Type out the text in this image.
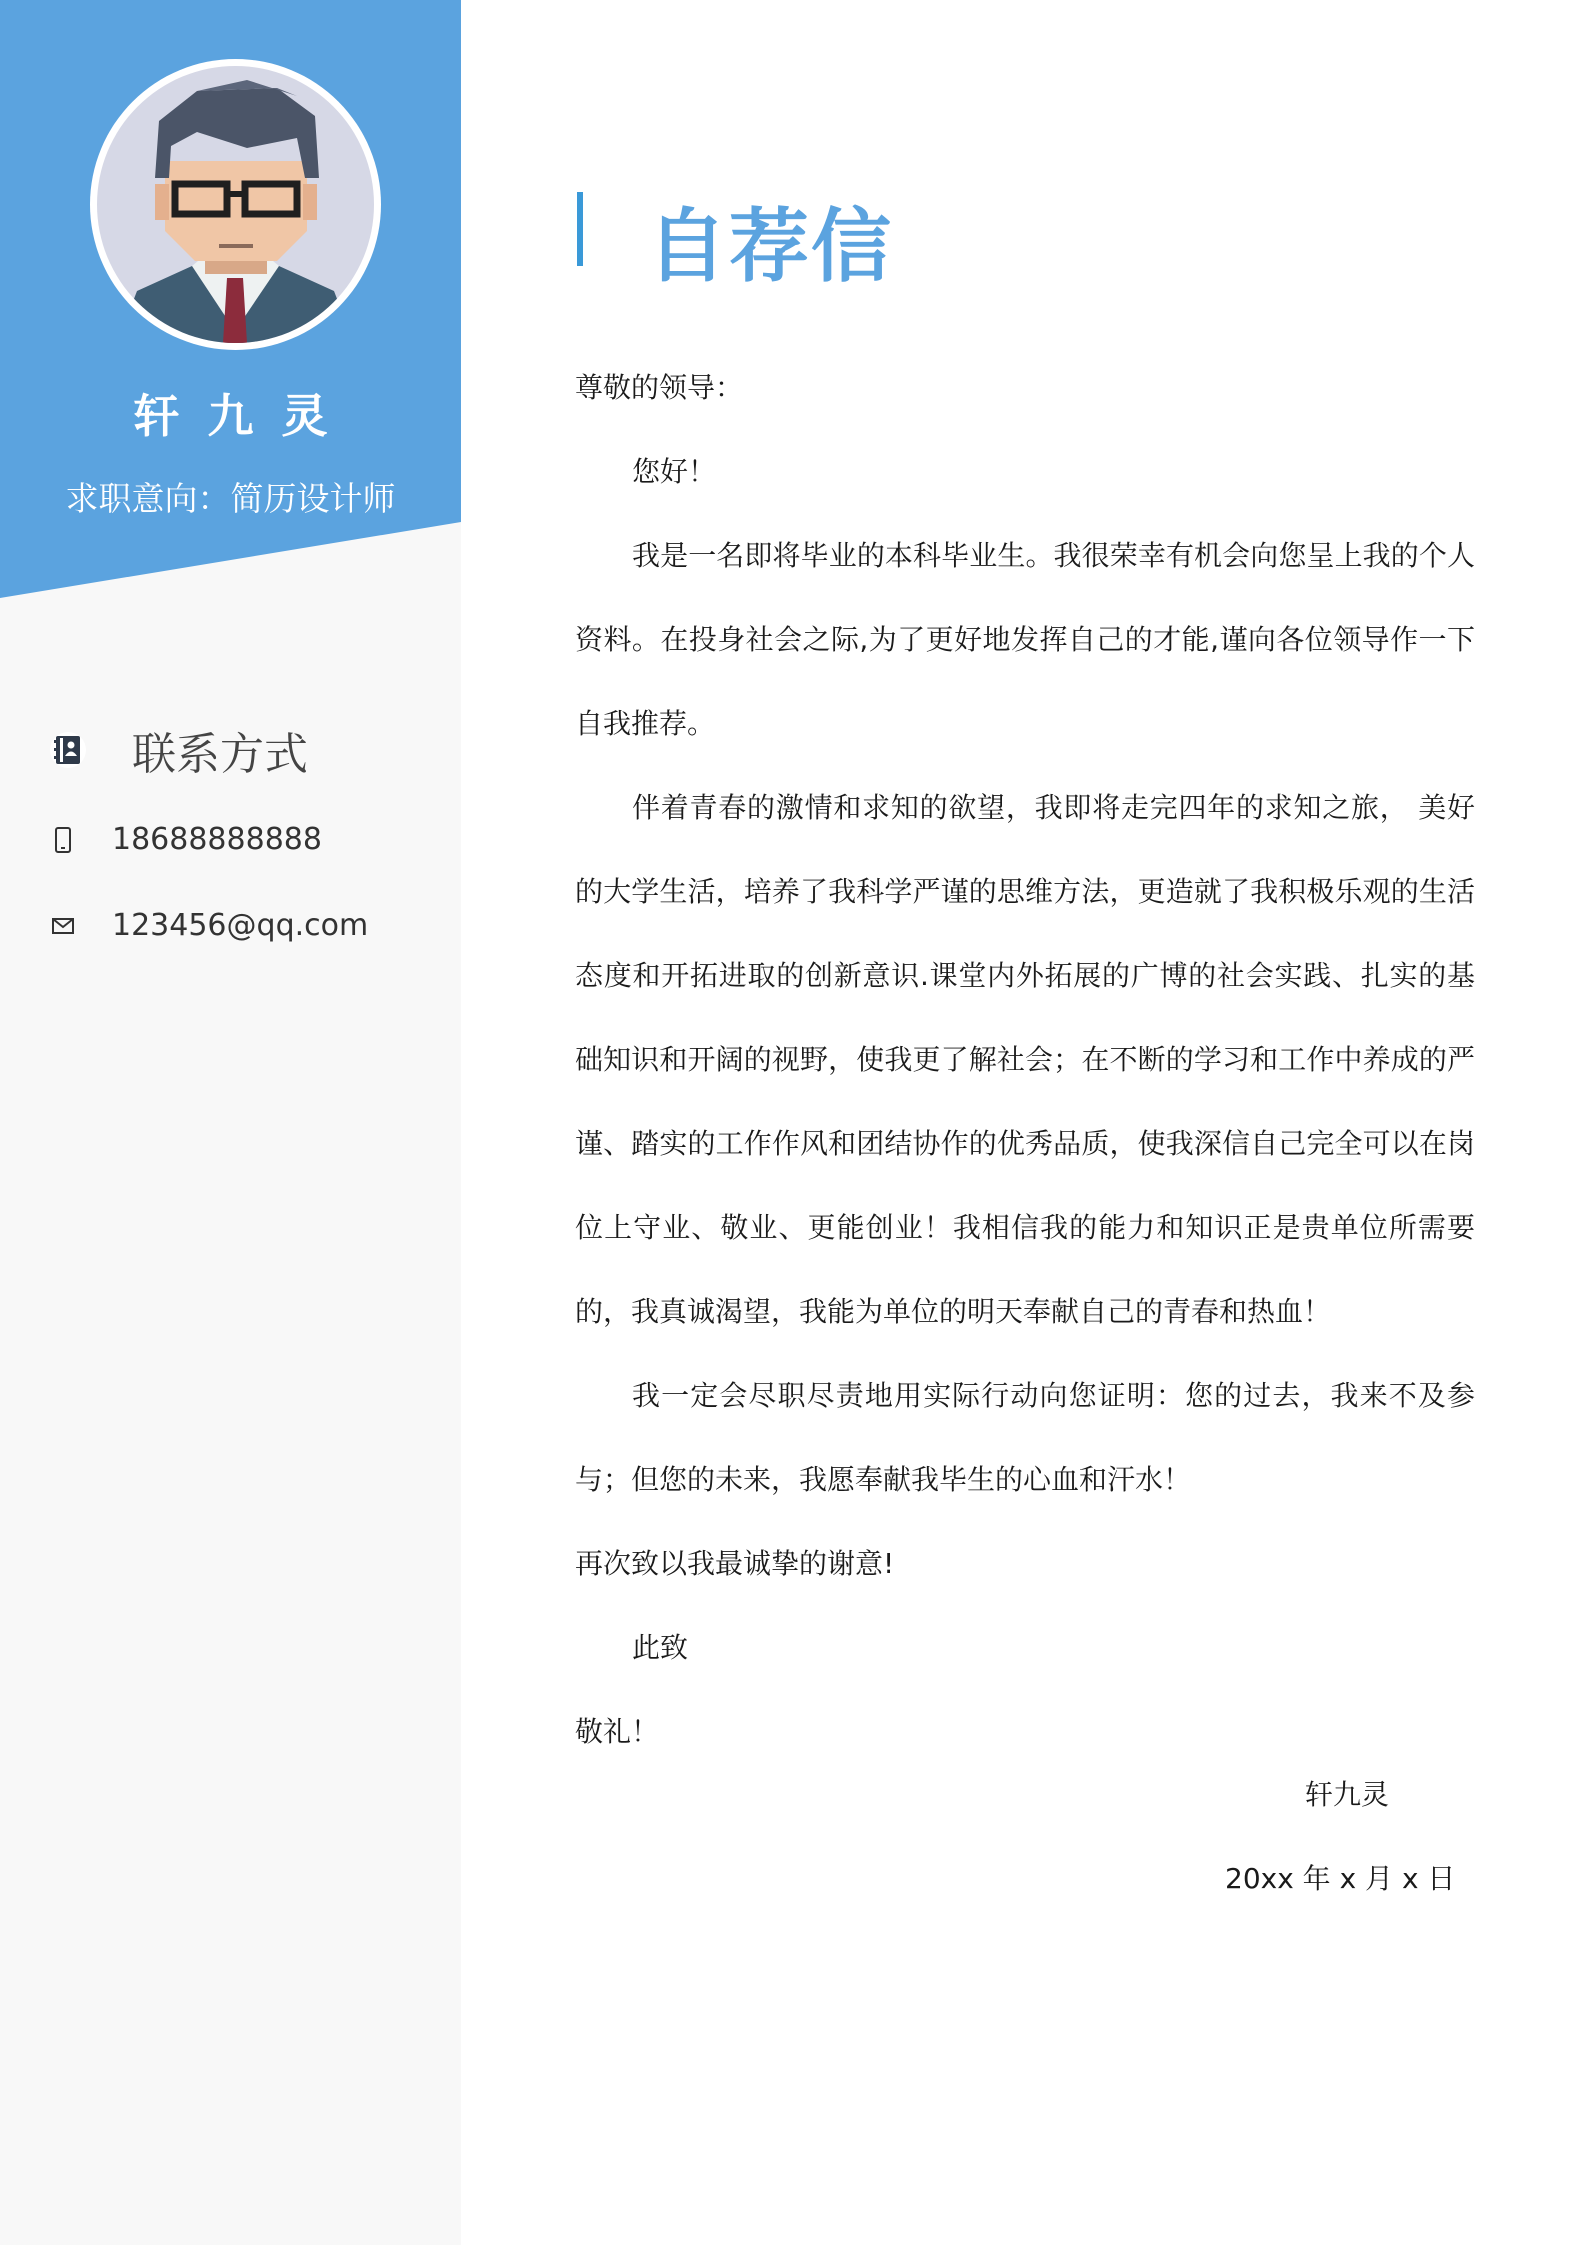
轩九灵
求职意向：简历设计师
联系方式
18688888888
123456@qq.com
自荐信

尊敬的领导：

您好！

我是一名即将毕业的本科毕业生。我很荣幸有机会向您呈上我的个人资料。在投身社会之际,为了更好地发挥自己的才能,谨向各位领导作一下自我推荐。

伴着青春的激情和求知的欲望，我即将走完四年的求知之旅， 美好的大学生活，培养了我科学严谨的思维方法，更造就了我积极乐观的生活态度和开拓进取的创新意识.课堂内外拓展的广博的社会实践、扎实的基础知识和开阔的视野，使我更了解社会；在不断的学习和工作中养成的严谨、踏实的工作作风和团结协作的优秀品质，使我深信自己完全可以在岗位上守业、敬业、更能创业！我相信我的能力和知识正是贵单位所需要的，我真诚渴望，我能为单位的明天奉献自己的青春和热血！

我一定会尽职尽责地用实际行动向您证明：您的过去，我来不及参与；但您的未来，我愿奉献我毕生的心血和汗水！

再次致以我最诚挚的谢意!

此致

敬礼！

轩九灵
20xx 年 x 月 x 日
